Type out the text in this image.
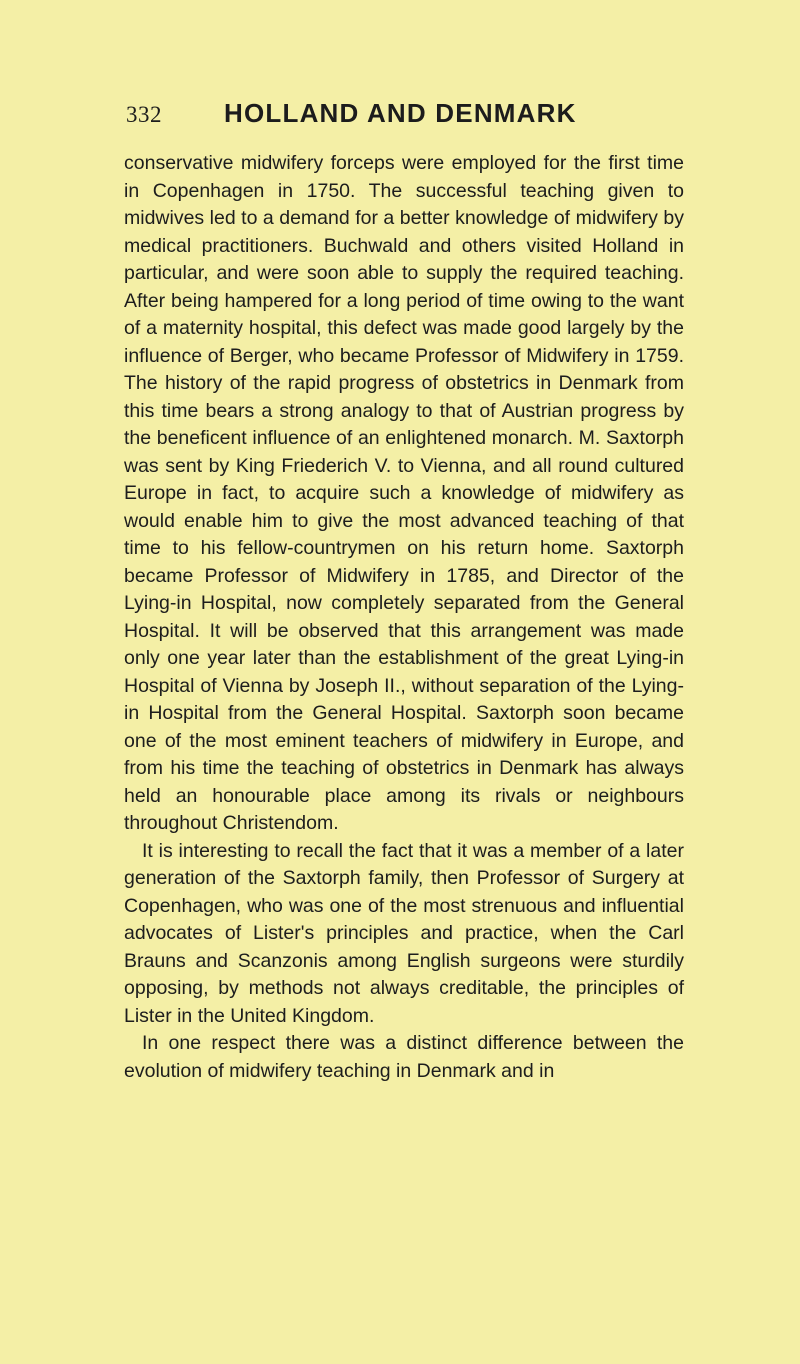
332 HOLLAND AND DENMARK

conservative midwifery forceps were employed for the first time in Copenhagen in 1750. The successful teaching given to midwives led to a demand for a better knowledge of midwifery by medical practitioners. Buchwald and others visited Holland in particular, and were soon able to supply the required teaching. After being hampered for a long period of time owing to the want of a maternity hospital, this defect was made good largely by the influence of Berger, who became Professor of Midwifery in 1759. The history of the rapid progress of obstetrics in Denmark from this time bears a strong analogy to that of Austrian progress by the beneficent influence of an enlightened monarch. M. Saxtorph was sent by King Friederich V. to Vienna, and all round cultured Europe in fact, to acquire such a knowledge of midwifery as would enable him to give the most advanced teaching of that time to his fellow-countrymen on his return home. Saxtorph became Professor of Midwifery in 1785, and Director of the Lying-in Hospital, now completely separated from the General Hospital. It will be observed that this arrangement was made only one year later than the establishment of the great Lying-in Hospital of Vienna by Joseph II., without separation of the Lying-in Hospital from the General Hospital. Saxtorph soon became one of the most eminent teachers of midwifery in Europe, and from his time the teaching of obstetrics in Denmark has always held an honourable place among its rivals or neighbours throughout Christendom.

It is interesting to recall the fact that it was a member of a later generation of the Saxtorph family, then Professor of Surgery at Copenhagen, who was one of the most strenuous and influential advocates of Lister's principles and practice, when the Carl Brauns and Scanzonis among English surgeons were sturdily opposing, by methods not always creditable, the principles of Lister in the United Kingdom.

In one respect there was a distinct difference between the evolution of midwifery teaching in Denmark and in
